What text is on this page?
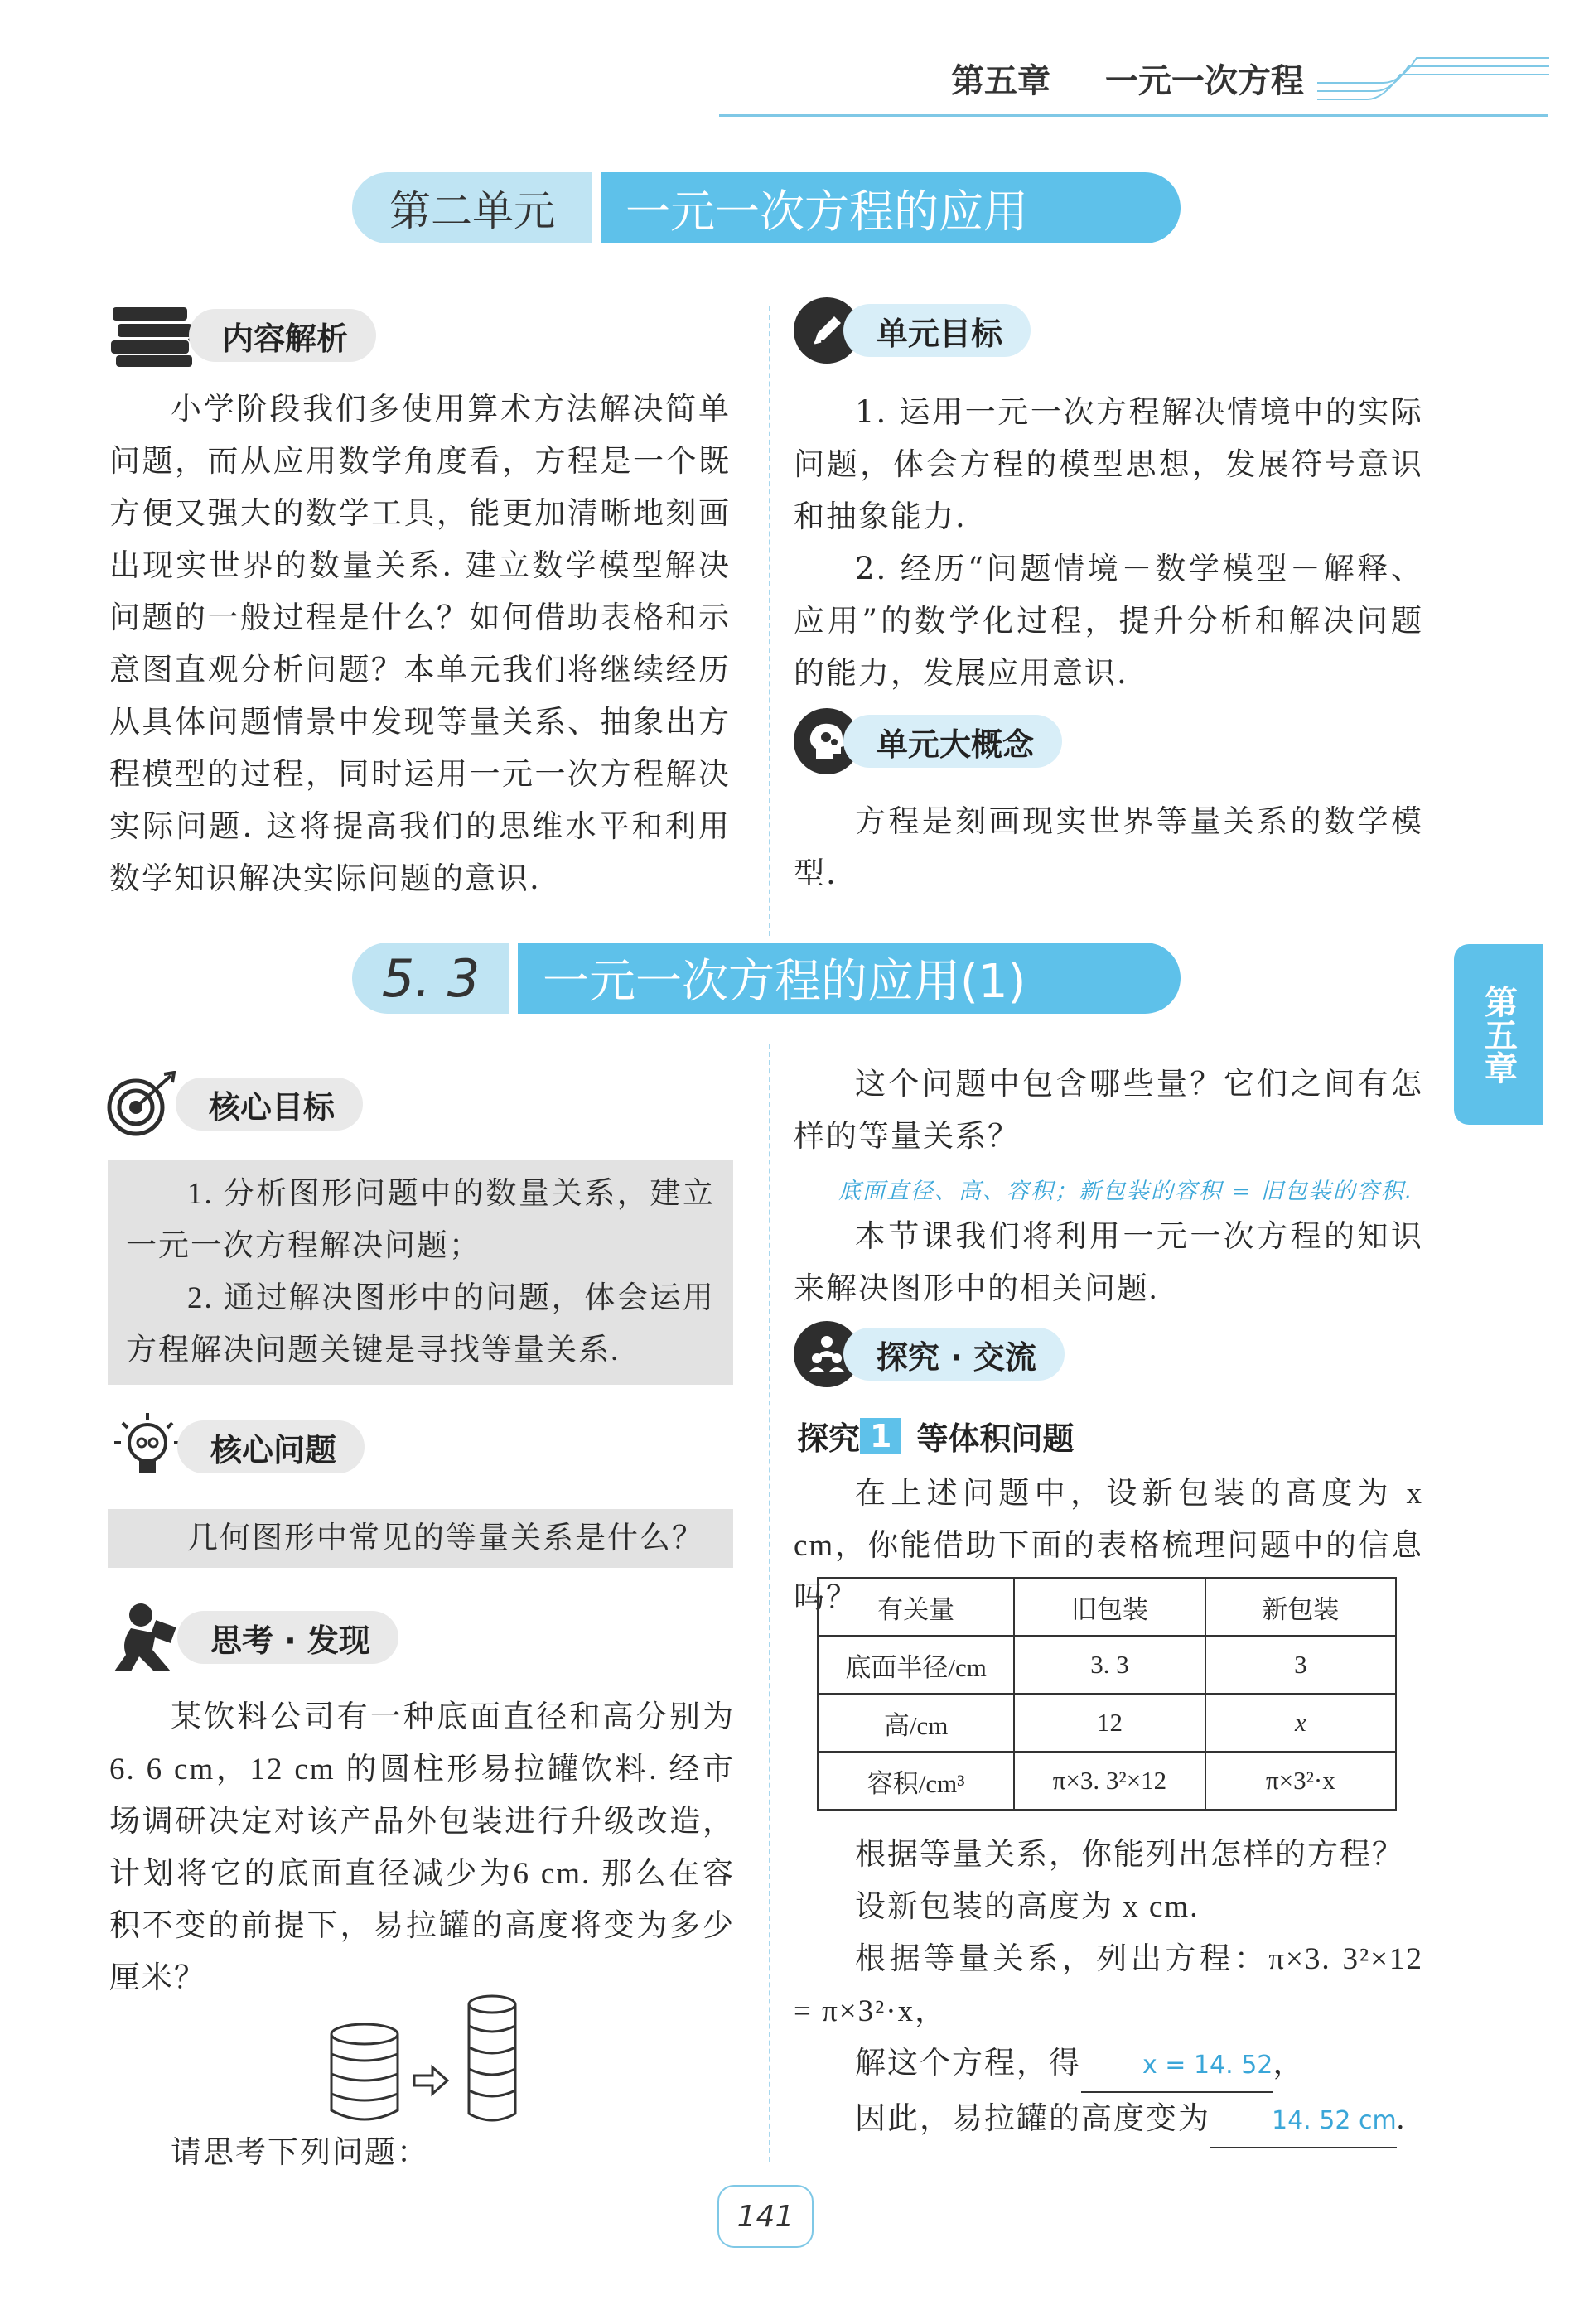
第五章 一元一次方程
第二单元	一元一次方程的应用
内容解析

小学阶段我们多使用算术方法解决简单问题，而从应用数学角度看，方程是一个既方便又强大的数学工具，能更加清晰地刻画出现实世界的数量关系. 建立数学模型解决问题的一般过程是什么？如何借助表格和示意图直观分析问题？本单元我们将继续经历从具体问题情景中发现等量关系、抽象出方程模型的过程，同时运用一元一次方程解决实际问题. 这将提高我们的思维水平和利用数学知识解决实际问题的意识.

单元目标

1. 运用一元一次方程解决情境中的实际问题，体会方程的模型思想，发展符号意识和抽象能力.

2. 经历“问题情境－数学模型－解释、应用”的数学化过程，提升分析和解决问题的能力，发展应用意识.

单元大概念

方程是刻画现实世界等量关系的数学模型.

5. 3	一元一次方程的应用(1)
第五章
核心目标

1. 分析图形问题中的数量关系，建立一元一次方程解决问题；

2. 通过解决图形中的问题，体会运用方程解决问题关键是寻找等量关系.

核心问题

几何图形中常见的等量关系是什么？

思考 · 发现

某饮料公司有一种底面直径和高分别为6. 6 cm，12 cm 的圆柱形易拉罐饮料. 经市场调研决定对该产品外包装进行升级改造，计划将它的底面直径减少为6 cm. 那么在容积不变的前提下，易拉罐的高度将变为多少厘米？

请思考下列问题：

这个问题中包含哪些量？它们之间有怎样的等量关系？

底面直径、高、容积；新包装的容积 = 旧包装的容积.

本节课我们将利用一元一次方程的知识来解决图形中的相关问题.

探究 · 交流
探究 1 等体积问题

在上述问题中，设新包装的高度为 x cm，你能借助下面的表格梳理问题中的信息吗？ 有关量	旧包装	新包装
底面半径/cm	3. 3	3
高/cm	12	x
容积/cm³	π×3. 3²×12	π×3²·x

根据等量关系，你能列出怎样的方程？

设新包装的高度为 x cm.

根据等量关系，列出方程：π×3. 3²×12 = π×3²·x，

解这个方程，得 x = 14. 52，

因此，易拉罐的高度变为 14. 52 cm.

141
